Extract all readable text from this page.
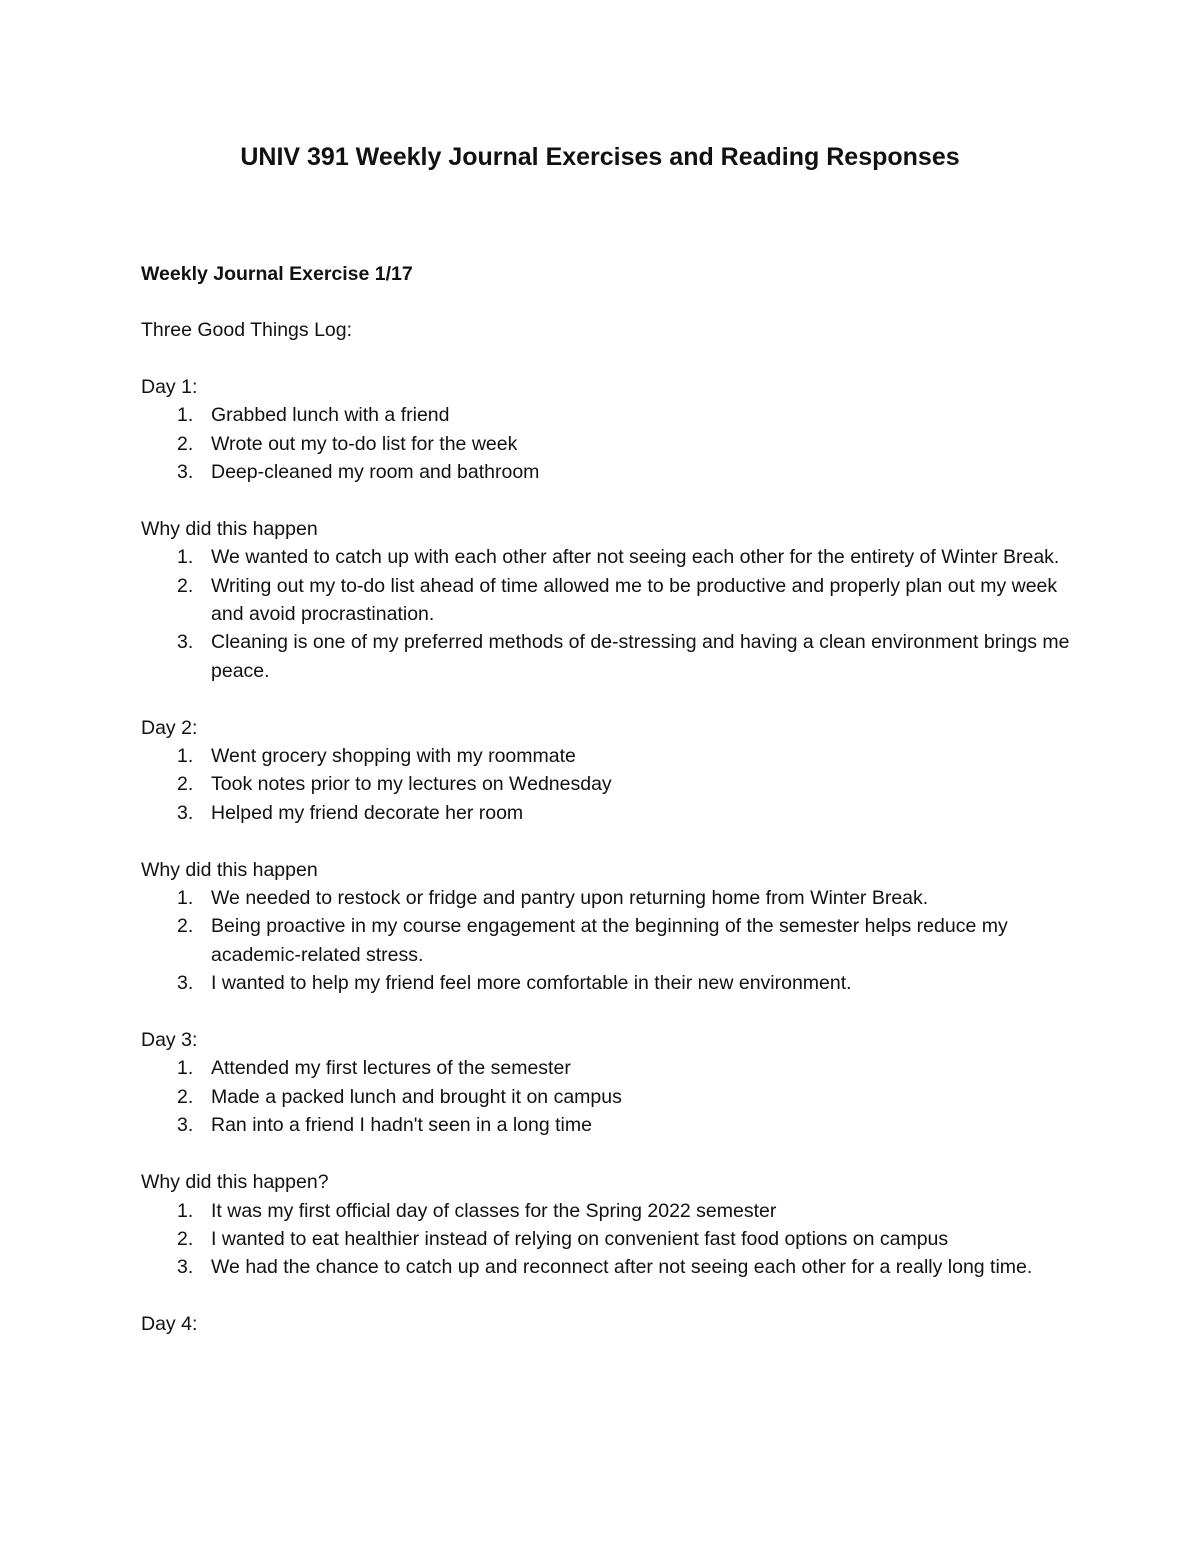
UNIV 391 Weekly Journal Exercises and Reading Responses
Weekly Journal Exercise 1/17

Three Good Things Log:

Day 1:

1. Grabbed lunch with a friend
2. Wrote out my to-do list for the week
3. Deep-cleaned my room and bathroom

Why did this happen

1. We wanted to catch up with each other after not seeing each other for the entirety of Winter Break.
2. Writing out my to-do list ahead of time allowed me to be productive and properly plan out my week and avoid procrastination.
3. Cleaning is one of my preferred methods of de-stressing and having a clean environment brings me peace.

Day 2:

1. Went grocery shopping with my roommate
2. Took notes prior to my lectures on Wednesday
3. Helped my friend decorate her room

Why did this happen

1. We needed to restock or fridge and pantry upon returning home from Winter Break.
2. Being proactive in my course engagement at the beginning of the semester helps reduce my academic-related stress.
3. I wanted to help my friend feel more comfortable in their new environment.

Day 3:

1. Attended my first lectures of the semester
2. Made a packed lunch and brought it on campus
3. Ran into a friend I hadn't seen in a long time

Why did this happen?

1. It was my first official day of classes for the Spring 2022 semester
2. I wanted to eat healthier instead of relying on convenient fast food options on campus
3. We had the chance to catch up and reconnect after not seeing each other for a really long time.

Day 4:
